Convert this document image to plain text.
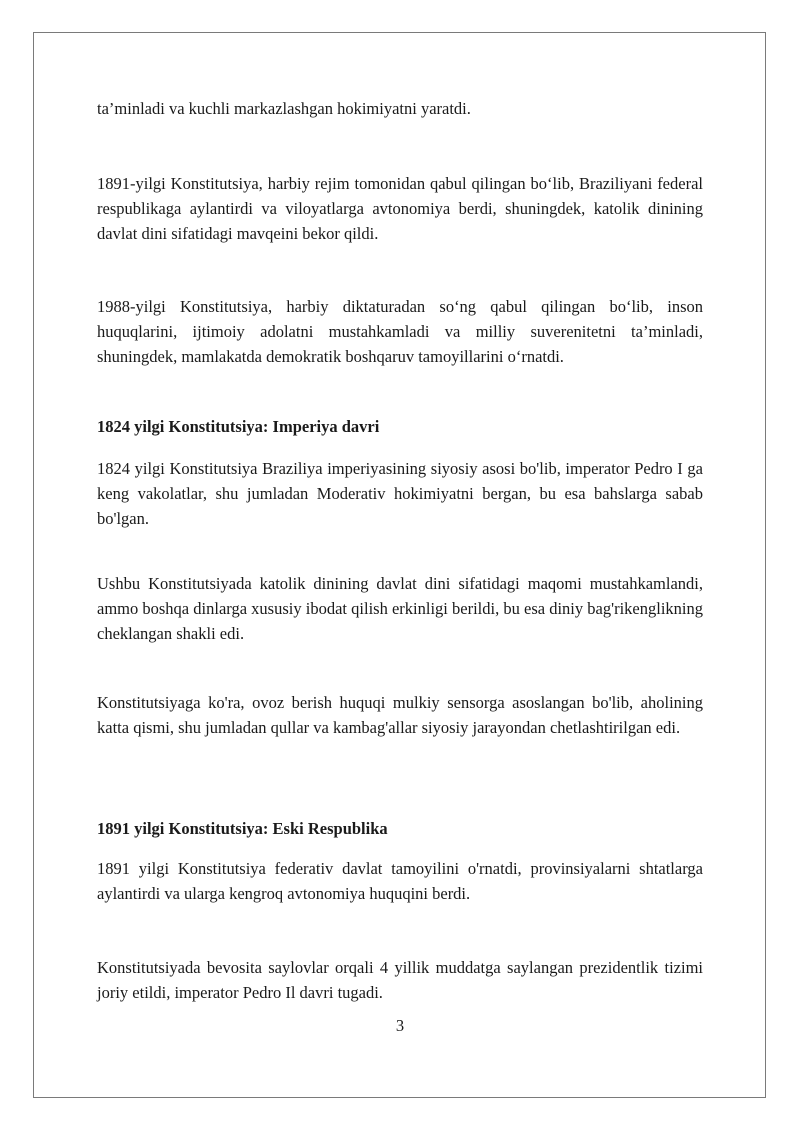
ta’minladi va kuchli markazlashgan hokimiyatni yaratdi.

1891-yilgi Konstitutsiya, harbiy rejim tomonidan qabul qilingan bo‘lib, Braziliyani federal respublikaga aylantirdi va viloyatlarga avtonomiya berdi, shuningdek, katolik dinining davlat dini sifatidagi mavqeini bekor qildi.

1988-yilgi Konstitutsiya, harbiy diktaturadan so‘ng qabul qilingan bo‘lib, inson huquqlarini, ijtimoiy adolatni mustahkamladi va milliy suverenitetni ta’minladi, shuningdek, mamlakatda demokratik boshqaruv tamoyillarini o‘rnatdi.

1824 yilgi Konstitutsiya: Imperiya davri

1824 yilgi Konstitutsiya Braziliya imperiyasining siyosiy asosi bo'lib, imperator Pedro I ga keng vakolatlar, shu jumladan Moderativ hokimiyatni bergan, bu esa bahslarga sabab bo'lgan.

Ushbu Konstitutsiyada katolik dinining davlat dini sifatidagi maqomi mustahkamlandi, ammo boshqa dinlarga xususiy ibodat qilish erkinligi berildi, bu esa diniy bag'rikenglikning cheklangan shakli edi.

Konstitutsiyaga ko'ra, ovoz berish huquqi mulkiy sensorga asoslangan bo'lib, aholining katta qismi, shu jumladan qullar va kambag'allar siyosiy jarayondan chetlashtirilgan edi.

1891 yilgi Konstitutsiya: Eski Respublika

1891 yilgi Konstitutsiya federativ davlat tamoyilini o'rnatdi, provinsiyalarni shtatlarga aylantirdi va ularga kengroq avtonomiya huquqini berdi.

Konstitutsiyada bevosita saylovlar orqali 4 yillik muddatga saylangan prezidentlik tizimi joriy etildi, imperator Pedro Il davri tugadi.

3
